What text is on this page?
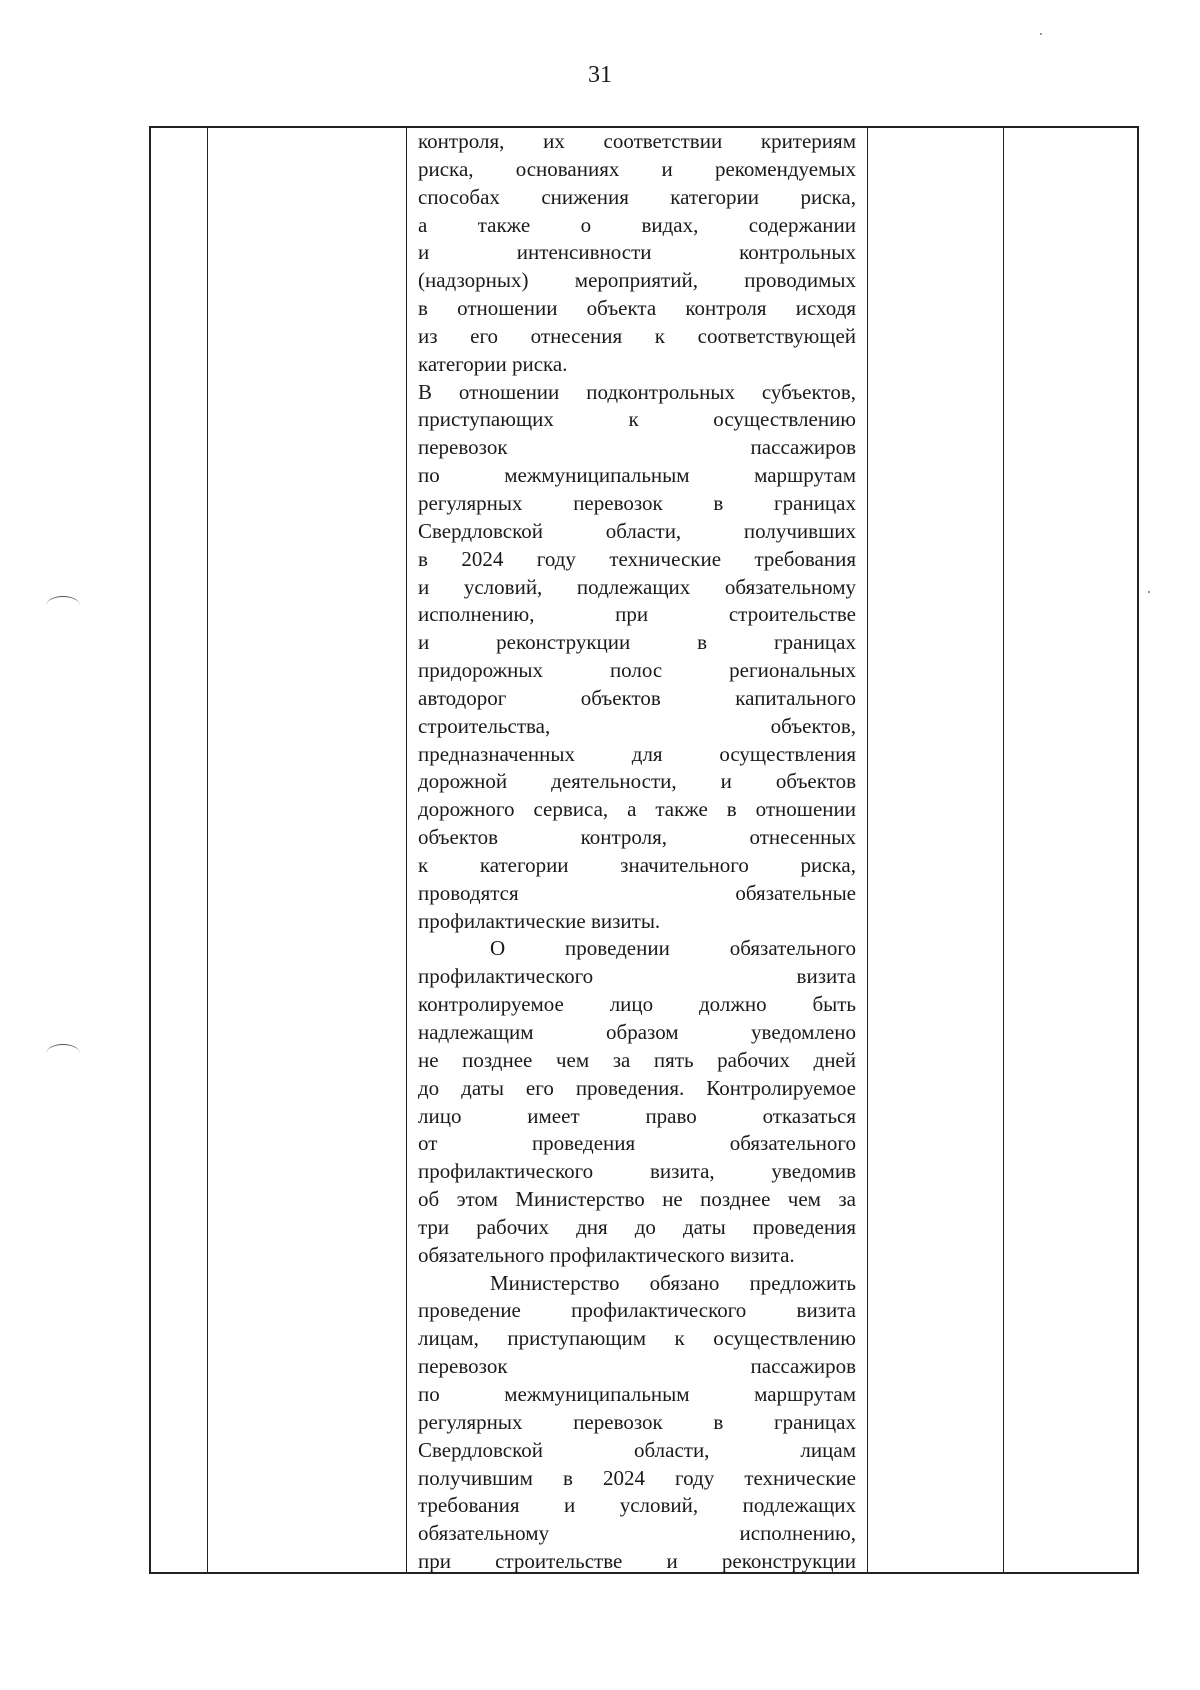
31
контроля, их соответствии критериям
риска, основаниях и рекомендуемых
способах снижения категории риска,
а также о видах, содержании
и интенсивности контрольных
(надзорных) мероприятий, проводимых
в отношении объекта контроля исходя
из его отнесения к соответствующей
категории риска.
В отношении подконтрольных субъектов,
приступающих к осуществлению
перевозок пассажиров
по межмуниципальным маршрутам
регулярных перевозок в границах
Свердловской области, получивших
в 2024 году технические требования
и условий, подлежащих обязательному
исполнению, при строительстве
и реконструкции в границах
придорожных полос региональных
автодорог объектов капитального
строительства, объектов,
предназначенных для осуществления
дорожной деятельности, и объектов
дорожного сервиса, а также в отношении
объектов контроля, отнесенных
к категории значительного риска,
проводятся обязательные
профилактические визиты.
О проведении обязательного
профилактического визита
контролируемое лицо должно быть
надлежащим образом уведомлено
не позднее чем за пять рабочих дней
до даты его проведения. Контролируемое
лицо имеет право отказаться
от проведения обязательного
профилактического визита, уведомив
об этом Министерство не позднее чем за
три рабочих дня до даты проведения
обязательного профилактического визита.
Министерство обязано предложить
проведение профилактического визита
лицам, приступающим к осуществлению
перевозок пассажиров
по межмуниципальным маршрутам
регулярных перевозок в границах
Свердловской области, лицам
получившим в 2024 году технические
требования и условий, подлежащих
обязательному исполнению,
при строительстве и реконструкции
